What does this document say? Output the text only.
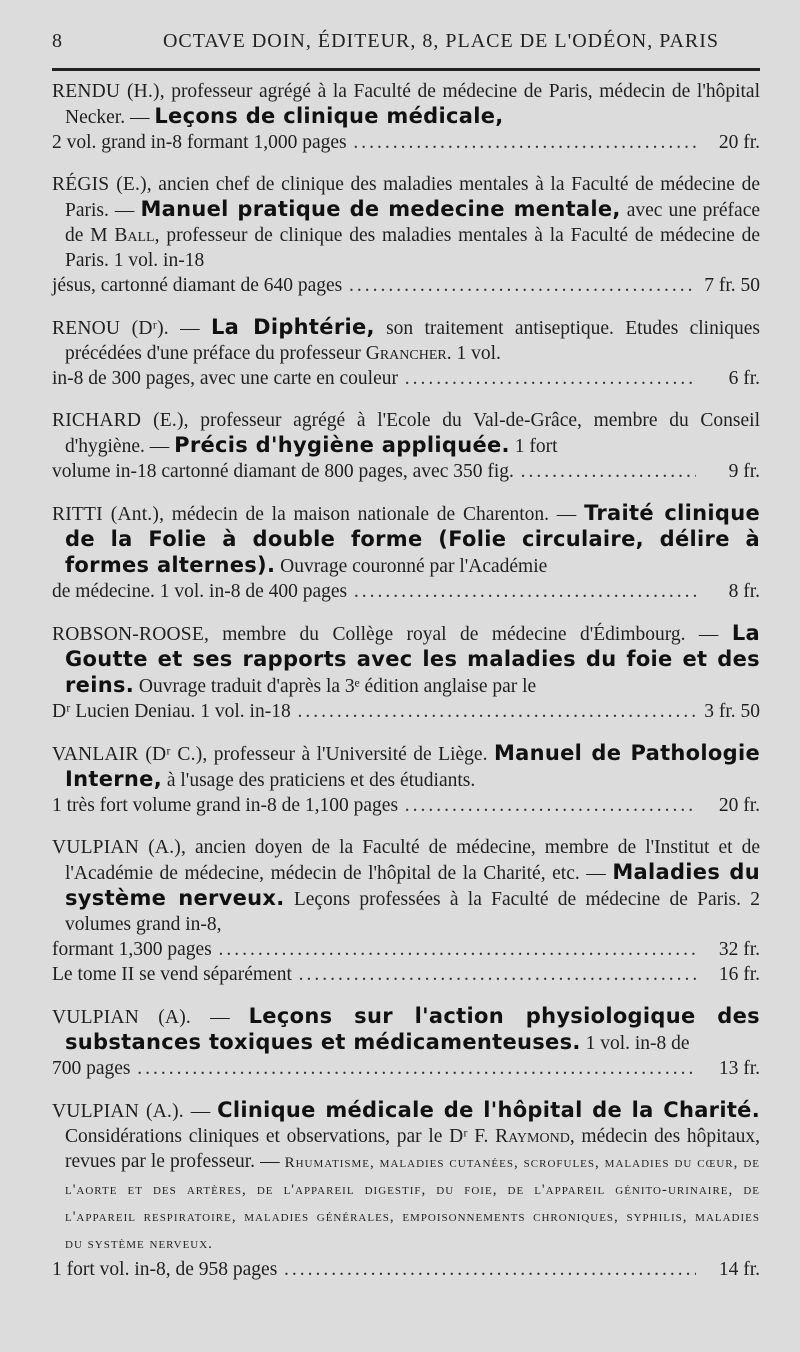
8	OCTAVE DOIN, ÉDITEUR, 8, PLACE DE L'ODÉON, PARIS
RENDU (H.), professeur agrégé à la Faculté de médecine de Paris, médecin de l'hôpital Necker. — Leçons de clinique médicale,
2 vol. grand in-8 formant 1,000 pages .....	20 fr.
RÉGIS (E.), ancien chef de clinique des maladies mentales à la Faculté de médecine de Paris. — Manuel pratique de medecine mentale, avec une préface de M Ball, professeur de clinique des maladies mentales à la Faculté de médecine de Paris. 1 vol. in-18
jésus, cartonné diamant de 640 pages .....	7 fr. 50
RENOU (Dʳ). — La Diphtérie, son traitement antiseptique. Etudes cliniques précédées d'une préface du professeur Grancher. 1 vol.
in-8 de 300 pages, avec une carte en couleur .....	6 fr.
RICHARD (E.), professeur agrégé à l'Ecole du Val-de-Grâce, membre du Conseil d'hygiène. — Précis d'hygiène appliquée. 1 fort
volume in-18 cartonné diamant de 800 pages, avec 350 fig. .....	9 fr.
RITTI (Ant.), médecin de la maison nationale de Charenton. — Traité clinique de la Folie à double forme (Folie circulaire, délire à formes alternes). Ouvrage couronné par l'Académie
de médecine. 1 vol. in-8 de 400 pages .....	8 fr.
ROBSON-ROOSE, membre du Collège royal de médecine d'Édimbourg. — La Goutte et ses rapports avec les maladies du foie et des reins. Ouvrage traduit d'après la 3ᵉ édition anglaise par le
Dʳ Lucien Deniau. 1 vol. in-18 .....	3 fr. 50
VANLAIR (Dʳ C.), professeur à l'Université de Liège. Manuel de Pathologie Interne, à l'usage des praticiens et des étudiants.
1 très fort volume grand in-8 de 1,100 pages .....	20 fr.
VULPIAN (A.), ancien doyen de la Faculté de médecine, membre de l'Institut et de l'Académie de médecine, médecin de l'hôpital de la Charité, etc. — Maladies du système nerveux. Leçons professées à la Faculté de médecine de Paris. 2 volumes grand in-8,
formant 1,300 pages .....	32 fr.
Le tome II se vend séparément .....	16 fr.
VULPIAN (A). — Leçons sur l'action physiologique des substances toxiques et médicamenteuses. 1 vol. in-8 de
700 pages .....	13 fr.
VULPIAN (A.). — Clinique médicale de l'hôpital de la Charité. Considérations cliniques et observations, par le Dʳ F. Raymond, médecin des hôpitaux, revues par le professeur. — Rhumatisme, maladies cutanées, scrofules, maladies du cœur, de l'aorte et des artères, de l'appareil digestif, du foie, de l'appareil génito-urinaire, de l'appareil respiratoire, maladies générales, empoisonnements chroniques, syphilis, maladies du système nerveux.
1 fort vol. in-8, de 958 pages .....	14 fr.
